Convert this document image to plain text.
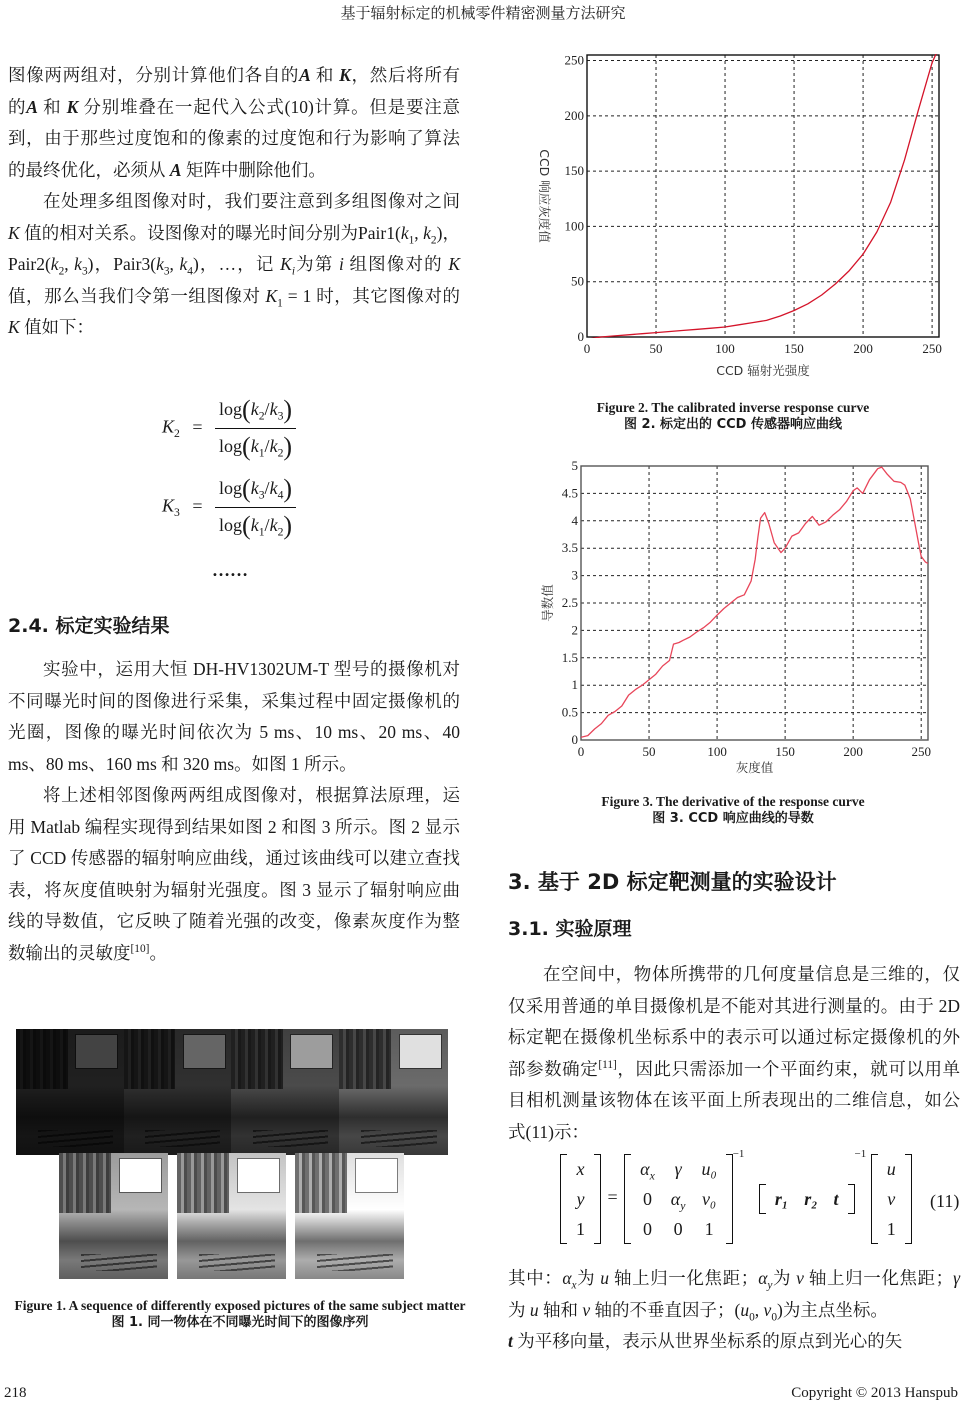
基于辐射标定的机械零件精密测量方法研究

图像两两组对，分别计算他们各自的A 和 K，然后将所有的A 和 K 分别堆叠在一起代入公式(10)计算。但是要注意到，由于那些过度饱和的像素的过度饱和行为影响了算法的最终优化，必须从 A 矩阵中删除他们。

在处理多组图像对时，我们要注意到多组图像对之间 K 值的相对关系。设图像对的曝光时间分别为$Pair1(k_1$, $k_2$)，$Pair2(k_2$, $k_3$)，$Pair3(k_3$, $k_4$)，…，记 $K_i$为第 i 组图像对的 K 值，那么当我们令第一组图像对 $K_1 = 1$ 时，其它图像对的 K 值如下：

$K_2 = \frac{\log(k_2/k_3)}{\log(k_1/k_2)}$
$K_3 = \frac{\log(k_3/k_4)}{\log(k_1/k_2)}$
……
2.4. 标定实验结果

实验中，运用大恒 DH-HV1302UM-T 型号的摄像机对不同曝光时间的图像进行采集，采集过程中固定摄像机的光圈，图像的曝光时间依次为 5 ms、10 ms、20 ms、40 ms、80 ms、160 ms 和 320 ms。如图 1 所示。

将上述相邻图像两两组成图像对，根据算法原理，运用 Matlab 编程实现得到结果如图 2 和图 3 所示。图 2 显示了 CCD 传感器的辐射响应曲线，通过该曲线可以建立查找表，将灰度值映射为辐射光强度。图 3 显示了辐射响应曲线的导数值，它反映了随着光强的改变，像素灰度作为整数输出的灵敏度[10]。

Figure 1. A sequence of differently exposed pictures of the same subject matter
图 1. 同一物体在不同曝光时间下的图像序列
0	50	100	150	200	250
0
50
100
150
200
250
CCD 辐射光强度
CCD 响应灰度值
Figure 2. The calibrated inverse response curve
图 2. 标定出的 CCD 传感器响应曲线
0	50	100	150	200	250
0
0.5
1
1.5
2
2.5
3
3.5
4
4.5
5
灰度值
导数值
Figure 3. The derivative of the response curve
图 3. CCD 响应曲线的导数
3. 基于 2D 标定靶测量的实验设计
3.1. 实验原理

在空间中，物体所携带的几何度量信息是三维的，仅仅采用普通的单目摄像机是不能对其进行测量的。由于 2D 标定靶在摄像机坐标系中的表示可以通过标定摄像机的外部参数确定[11]，因此只需添加一个平面约束，就可以用单目相机测量该物体在该平面上所表现出的二维信息，如公式(11)示：

x
y
1
=
$\alpha_x$	γ	u₀
0	$\alpha_y$	v₀
0	0	1
−1
r₁	r₂	t
−1
u
v
1
(11)

其中：$\alpha_x$为 u 轴上归一化焦距；$\alpha_y$为 v 轴上归一化焦距；γ 为 u 轴和 v 轴的不垂直因子；($u_0$, $v_0$)为主点坐标。
t 为平移向量，表示从世界坐标系的原点到光心的矢

218	Copyright © 2013 Hanspub
